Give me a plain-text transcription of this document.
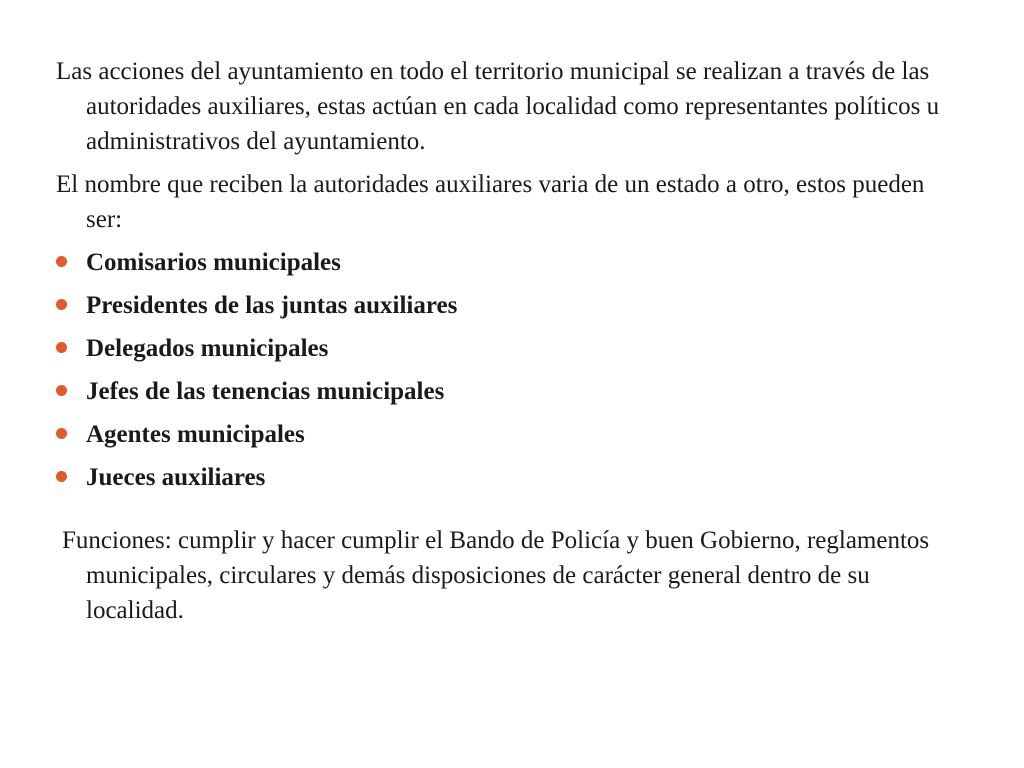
Las acciones del ayuntamiento en todo el territorio municipal se realizan a través de las autoridades auxiliares, estas actúan en cada localidad como representantes políticos u administrativos del ayuntamiento.

El nombre que reciben la autoridades auxiliares varia de un estado a otro, estos pueden ser:

Comisarios municipales
Presidentes de las juntas auxiliares
Delegados municipales
Jefes de las tenencias municipales
Agentes municipales
Jueces auxiliares

Funciones: cumplir y hacer cumplir el Bando de Policía y buen Gobierno, reglamentos municipales, circulares y demás disposiciones de carácter general dentro de su localidad.
